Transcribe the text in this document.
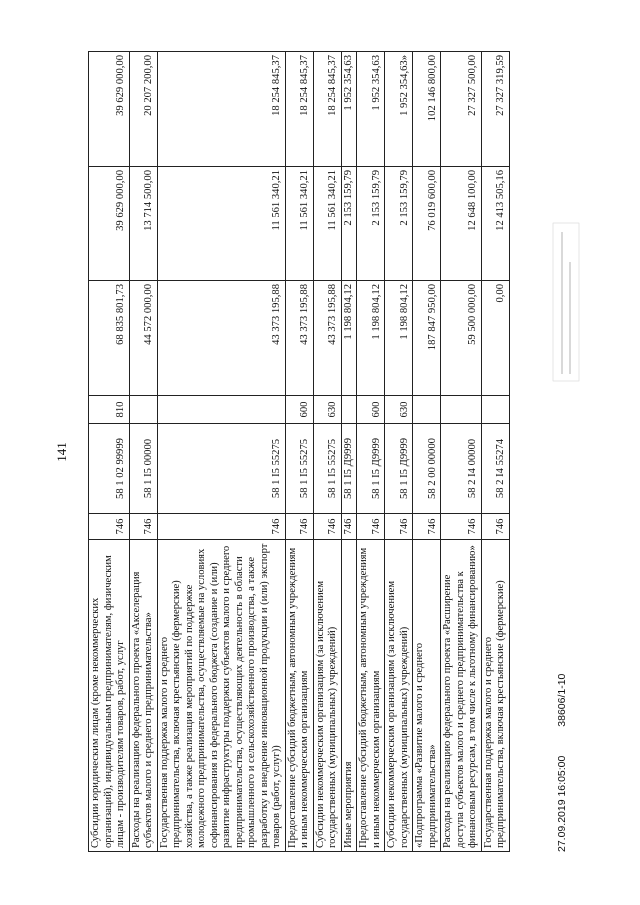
141
Субсидии юридическим лицам (кроме некоммерческих организаций), индивидуальным предпринимателям, физическим лицам - производителям товаров, работ, услуг	746	58 1 02 99999	810	68 835 801,73	39 629 000,00	39 629 000,00
Расходы на реализацию федерального проекта «Акселерация субъектов малого и среднего предпринимательства»	746	58 1 I5 00000		44 572 000,00	13 714 500,00	20 207 200,00
Государственная поддержка малого и среднего предпринимательства, включая крестьянские (фермерские) хозяйства, а также реализация мероприятий по поддержке молодежного предпринимательства, осуществляемые на условиях софинансирования из федерального бюджета (создание и (или) развитие инфраструктуры поддержки субъектов малого и среднего предпринимательства, осуществляющих деятельность в области промышленного и сельскохозяйственного производства, а также разработку и внедрение инновационной продукции и (или) экспорт товаров (работ, услуг))	746	58 1 I5 55275		43 373 195,88	11 561 340,21	18 254 845,37
Предоставление субсидий бюджетным, автономным учреждениям и иным некоммерческим организациям	746	58 1 I5 55275	600	43 373 195,88	11 561 340,21	18 254 845,37
Субсидии некоммерческим организациям (за исключением государственных (муниципальных) учреждений)	746	58 1 I5 55275	630	43 373 195,88	11 561 340,21	18 254 845,37
Иные мероприятия	746	58 1 I5 Д9999		1 198 804,12	2 153 159,79	1 952 354,63
Предоставление субсидий бюджетным, автономным учреждениям и иным некоммерческим организациям	746	58 1 I5 Д9999	600	1 198 804,12	2 153 159,79	1 952 354,63
Субсидии некоммерческим организациям (за исключением государственных (муниципальных) учреждений)	746	58 1 I5 Д9999	630	1 198 804,12	2 153 159,79	1 952 354,63»
«Подпрограмма «Развитие малого и среднего предпринимательства»	746	58 2 00 00000		187 847 950,00	76 019 600,00	102 146 800,00
Расходы на реализацию федерального проекта «Расширение доступа субъектов малого и среднего предпринимательства к финансовым ресурсам, в том числе к льготному финансированию»	746	58 2 I4 00000		59 500 000,00	12 648 100,00	27 327 500,00
Государственная поддержка малого и среднего предпринимательства, включая крестьянские (фермерские)	746	58 2 I4 55274		0,00	12 413 505,16	27 327 319,59
27.09.2019 16:05:00 38606/1-10
